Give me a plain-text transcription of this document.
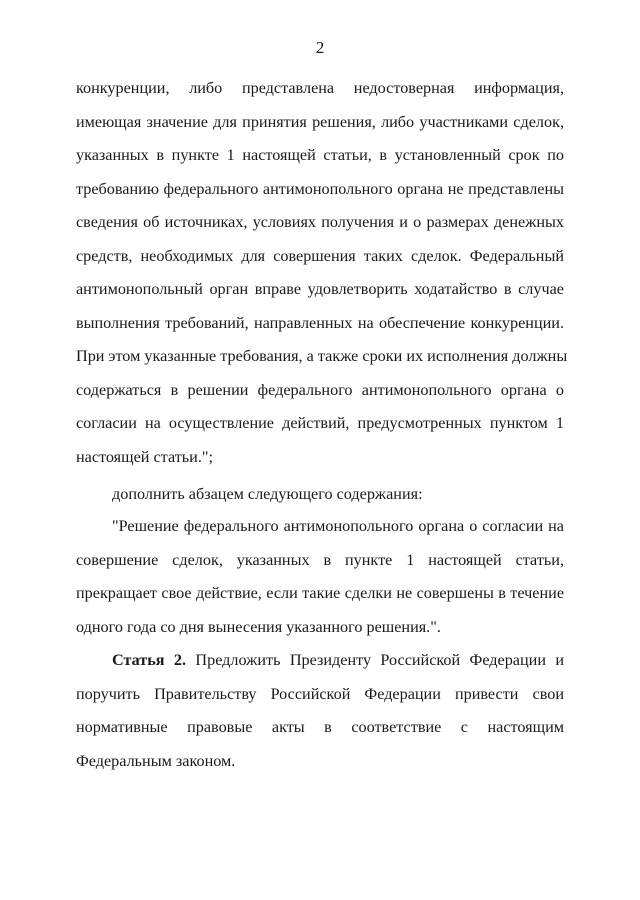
2
конкуренции, либо представлена недостоверная информация,
имеющая значение для принятия решения, либо участниками сделок,
указанных в пункте 1 настоящей статьи, в установленный срок по
требованию федерального антимонопольного органа не представлены
сведения об источниках, условиях получения и о размерах денежных
средств, необходимых для совершения таких сделок. Федеральный
антимонопольный орган вправе удовлетворить ходатайство в случае
выполнения требований, направленных на обеспечение конкуренции.
При этом указанные требования, а также сроки их исполнения должны
содержаться в решении федерального антимонопольного органа о
согласии на осуществление действий, предусмотренных пунктом 1
настоящей статьи.";
дополнить абзацем следующего содержания:
"Решение федерального антимонопольного органа о согласии на
совершение сделок, указанных в пункте 1 настоящей статьи,
прекращает свое действие, если такие сделки не совершены в течение
одного года со дня вынесения указанного решения.".
Статья 2. Предложить Президенту Российской Федерации и
поручить Правительству Российской Федерации привести свои
нормативные правовые акты в соответствие с настоящим
Федеральным законом.
